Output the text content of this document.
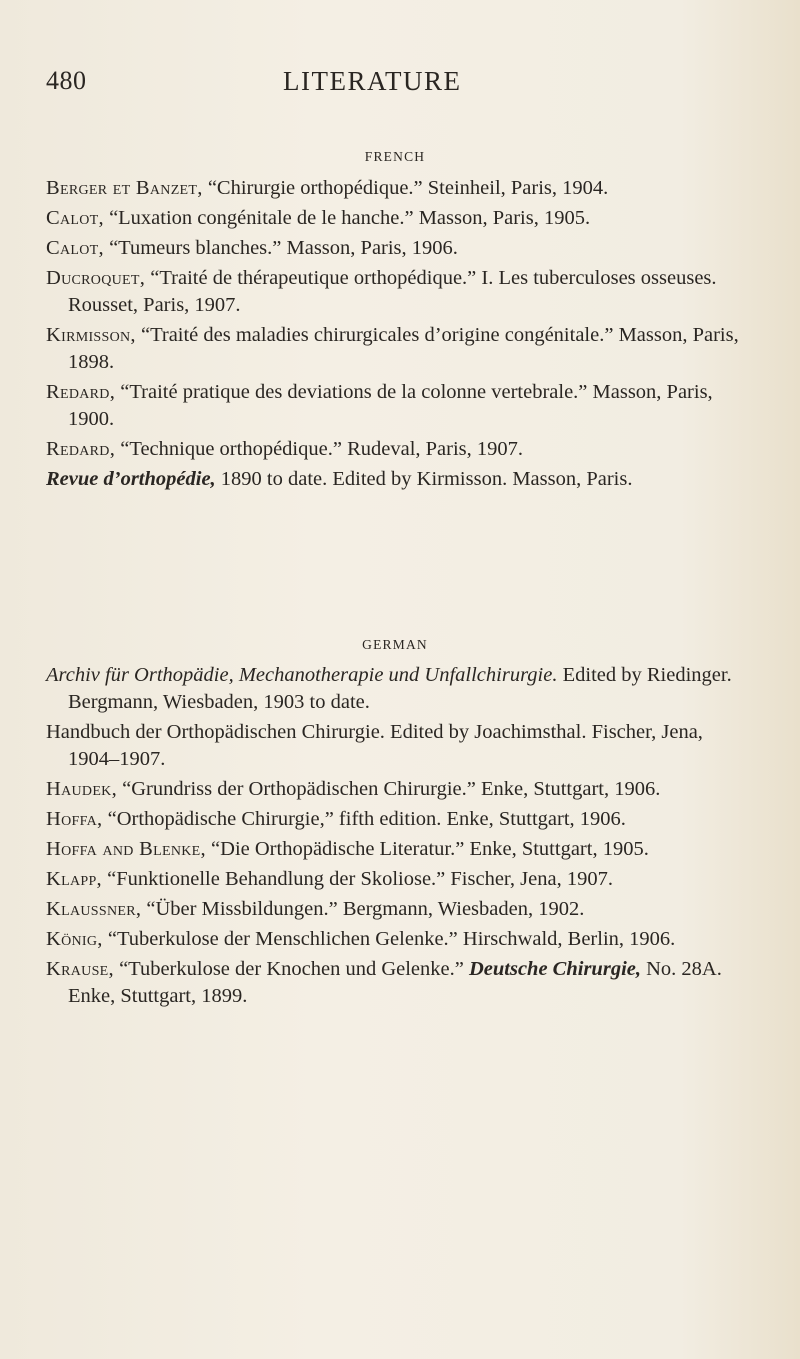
480	LITERATURE
FRENCH

Berger et Banzet, “Chirurgie orthopédique.” Steinheil, Paris, 1904.

Calot, “Luxation congénitale de le hanche.” Masson, Paris, 1905.

Calot, “Tumeurs blanches.” Masson, Paris, 1906.

Ducroquet, “Traité de thérapeutique orthopédique.” I. Les tuberculoses osseuses. Rousset, Paris, 1907.

Kirmisson, “Traité des maladies chirurgicales d’origine congénitale.” Masson, Paris, 1898.

Redard, “Traité pratique des deviations de la colonne vertebrale.” Masson, Paris, 1900.

Redard, “Technique orthopédique.” Rudeval, Paris, 1907.

Revue d’orthopédie, 1890 to date. Edited by Kirmisson. Masson, Paris.

GERMAN

Archiv für Orthopädie, Mechanotherapie und Unfallchirurgie. Edited by Riedinger. Bergmann, Wiesbaden, 1903 to date.

Handbuch der Orthopädischen Chirurgie. Edited by Joachimsthal. Fischer, Jena, 1904–1907.

Haudek, “Grundriss der Orthopädischen Chirurgie.” Enke, Stuttgart, 1906.

Hoffa, “Orthopädische Chirurgie,” fifth edition. Enke, Stuttgart, 1906.

Hoffa and Blenke, “Die Orthopädische Literatur.” Enke, Stuttgart, 1905.

Klapp, “Funktionelle Behandlung der Skoliose.” Fischer, Jena, 1907.

Klaussner, “Über Missbildungen.” Bergmann, Wiesbaden, 1902.

König, “Tuberkulose der Menschlichen Gelenke.” Hirschwald, Berlin, 1906.

Krause, “Tuberkulose der Knochen und Gelenke.” Deutsche Chirurgie, No. 28A. Enke, Stuttgart, 1899.
